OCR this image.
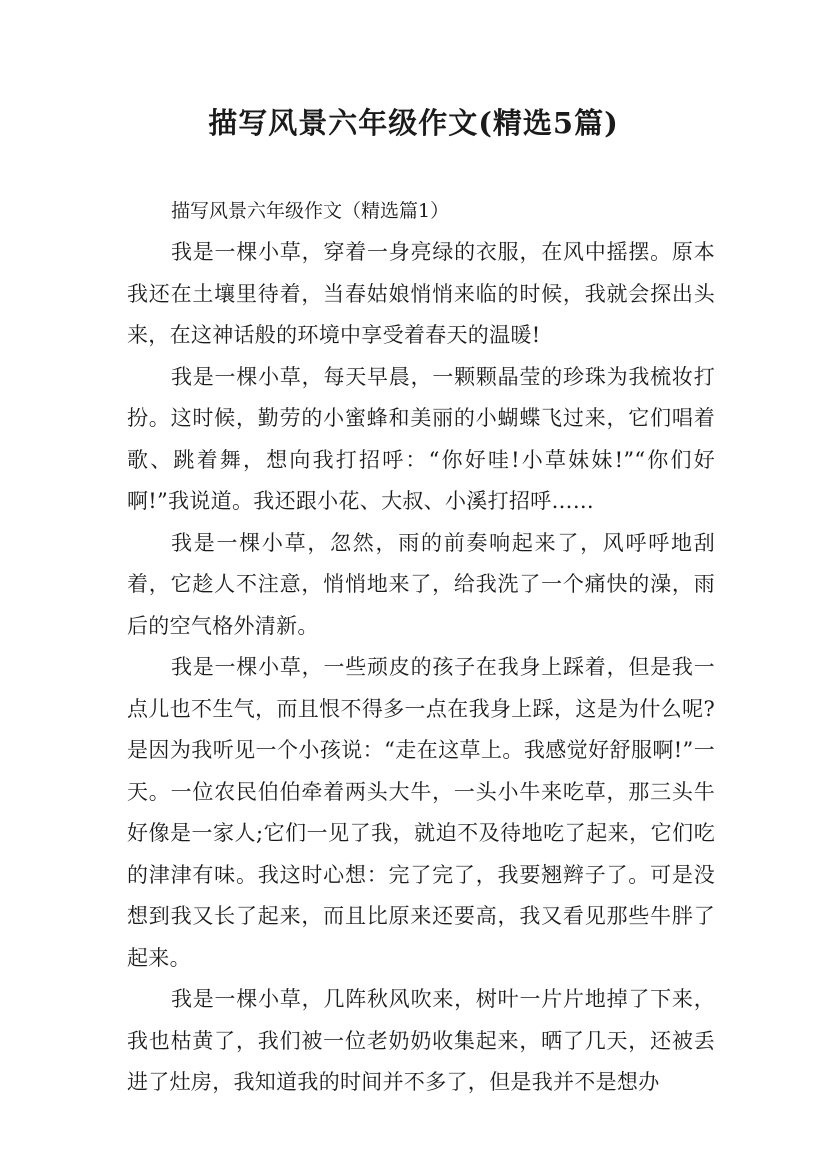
描写风景六年级作文(精选5篇)

描写风景六年级作文（精选篇1）

我是一棵小草，穿着一身亮绿的衣服，在风中摇摆。原本我还在土壤里待着，当春姑娘悄悄来临的时候，我就会探出头来，在这神话般的环境中享受着春天的温暖!

我是一棵小草，每天早晨，一颗颗晶莹的珍珠为我梳妆打扮。这时候，勤劳的小蜜蜂和美丽的小蝴蝶飞过来，它们唱着歌、跳着舞，想向我打招呼：“你好哇!小草妹妹!”“你们好啊!”我说道。我还跟小花、大叔、小溪打招呼……

我是一棵小草，忽然，雨的前奏响起来了，风呼呼地刮着，它趁人不注意，悄悄地来了，给我洗了一个痛快的澡，雨后的空气格外清新。

我是一棵小草，一些顽皮的孩子在我身上踩着，但是我一点儿也不生气，而且恨不得多一点在我身上踩，这是为什么呢?是因为我听见一个小孩说：“走在这草上。我感觉好舒服啊!”一天。一位农民伯伯牵着两头大牛，一头小牛来吃草，那三头牛好像是一家人;它们一见了我，就迫不及待地吃了起来，它们吃的津津有味。我这时心想：完了完了，我要翘辫子了。可是没想到我又长了起来，而且比原来还要高，我又看见那些牛胖了起来。

我是一棵小草，几阵秋风吹来，树叶一片片地掉了下来，我也枯黄了，我们被一位老奶奶收集起来，晒了几天，还被丢进了灶房，我知道我的时间并不多了，但是我并不是想办
